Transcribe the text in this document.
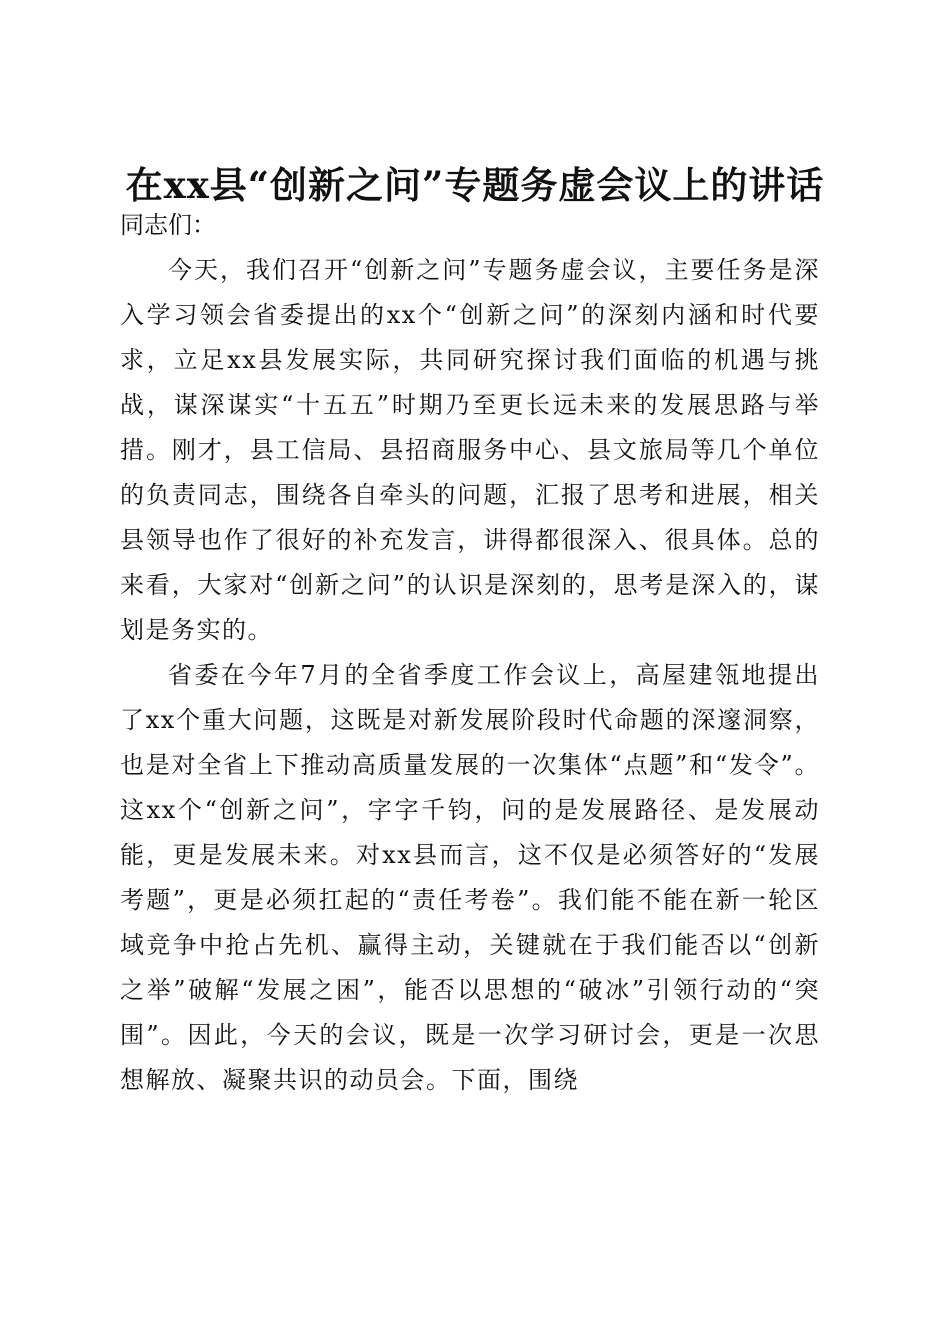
在xx县“创新之问”专题务虚会议上的讲话

同志们：

今天，我们召开“创新之问”专题务虚会议，主要任务是深入学习领会省委提出的xx个“创新之问”的深刻内涵和时代要求，立足xx县发展实际，共同研究探讨我们面临的机遇与挑战，谋深谋实“十五五”时期乃至更长远未来的发展思路与举措。刚才，县工信局、县招商服务中心、县文旅局等几个单位的负责同志，围绕各自牵头的问题，汇报了思考和进展，相关县领导也作了很好的补充发言，讲得都很深入、很具体。总的来看，大家对“创新之问”的认识是深刻的，思考是深入的，谋划是务实的。

省委在今年7月的全省季度工作会议上，高屋建瓴地提出了xx个重大问题，这既是对新发展阶段时代命题的深邃洞察，也是对全省上下推动高质量发展的一次集体“点题”和“发令”。这xx个“创新之问”，字字千钧，问的是发展路径、是发展动能，更是发展未来。对xx县而言，这不仅是必须答好的“发展考题”，更是必须扛起的“责任考卷”。我们能不能在新一轮区域竞争中抢占先机、赢得主动，关键就在于我们能否以“创新之举”破解“发展之困”，能否以思想的“破冰”引领行动的“突围”。因此，今天的会议，既是一次学习研讨会，更是一次思想解放、凝聚共识的动员会。下面，围绕
